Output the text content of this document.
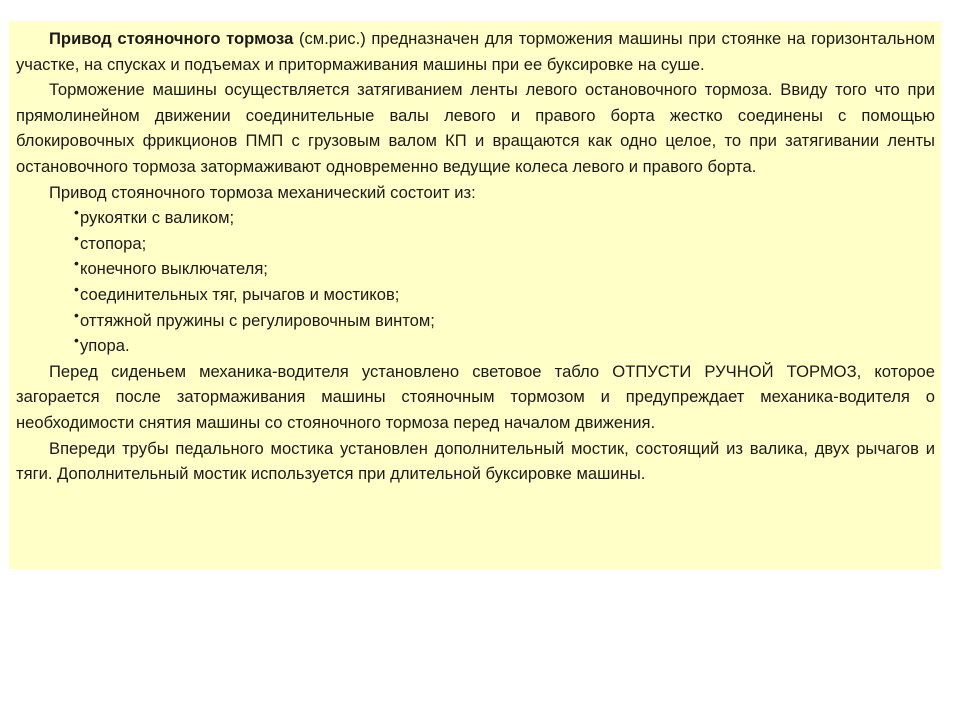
Привод стояночного тормоза (см.рис.) предназначен для торможения машины при стоянке на горизонтальном участке, на спусках и подъемах и притормаживания машины при ее буксировке на суше.

Торможение машины осуществляется затягиванием ленты левого остановочного тормоза. Ввиду того что при прямолинейном движении соединительные валы левого и правого борта жестко соединены с помощью блокировочных фрикционов ПМП с грузовым валом КП и вращаются как одно целое, то при затягивании ленты остановочного тормоза затормаживают одновременно ведущие колеса левого и правого борта.

Привод стояночного тормоза механический состоит из:

• рукоятки с валиком;
• стопора;
• конечного выключателя;
• соединительных тяг, рычагов и мостиков;
• оттяжной пружины с регулировочным винтом;
• упора.

Перед сиденьем механика-водителя установлено световое табло ОТПУСТИ РУЧНОЙ ТОРМОЗ, которое загорается после затормаживания машины стояночным тормозом и предупреждает механика-водителя о необходимости снятия машины со стояночного тормоза перед началом движения.

Впереди трубы педального мостика установлен дополнительный мостик, состоящий из валика, двух рычагов и тяги. Дополнительный мостик используется при длительной буксировке машины.
